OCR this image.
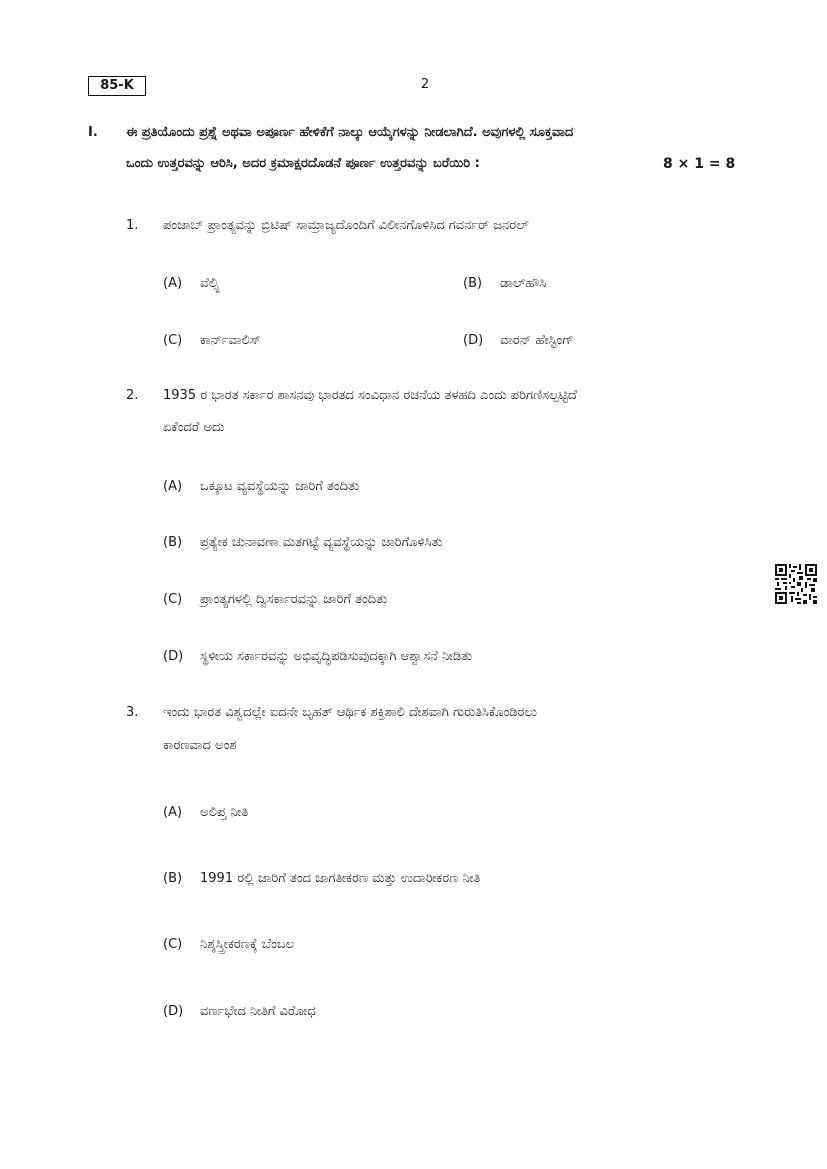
85-K	2
I. ಈ ಪ್ರತಿಯೊಂದು ಪ್ರಶ್ನೆ ಅಥವಾ ಅಪೂರ್ಣ ಹೇಳಿಕೆಗೆ ನಾಲ್ಕು ಆಯ್ಕೆಗಳನ್ನು ನೀಡಲಾಗಿದೆ. ಅವುಗಳಲ್ಲಿ ಸೂಕ್ತವಾದ
ಒಂದು ಉತ್ತರವನ್ನು ಆರಿಸಿ, ಅದರ ಕ್ರಮಾಕ್ಷರದೊಡನೆ ಪೂರ್ಣ ಉತ್ತರವನ್ನು ಬರೆಯಿರಿ :	8 × 1 = 8
1. ಪಂಜಾಬ್ ಪ್ರಾಂತ್ಯವನ್ನು ಬ್ರಿಟಿಷ್ ಸಾಮ್ರಾಜ್ಯದೊಂದಿಗೆ ವಿಲೀನಗೊಳಿಸಿದ ಗವರ್ನರ್ ಜನರಲ್
(A) ವೆಲ್ಸ್ಲಿ	(B) ಡಾಲ್‌ಹೌಸಿ
(C) ಕಾರ್ನ್‌ವಾಲಿಸ್	(D) ವಾರನ್ ಹೇಸ್ಟಿಂಗ್
2. 1935 ರ ಭಾರತ ಸರ್ಕಾರ ಶಾಸನವು ಭಾರತದ ಸಂವಿಧಾನ ರಚನೆಯ ತಳಹದಿ ಎಂದು ಪರಿಗಣಿಸಲ್ಪಟ್ಟಿದೆ
ಏಕೆಂದರೆ ಅದು
(A) ಒಕ್ಕೂಟ ವ್ಯವಸ್ಥೆಯನ್ನು ಜಾರಿಗೆ ತಂದಿತು
(B) ಪ್ರತ್ಯೇಕ ಚುನಾವಣಾ ಮತಗಟ್ಟೆ ವ್ಯವಸ್ಥೆಯನ್ನು ಜಾರಿಗೊಳಿಸಿತು
(C) ಪ್ರಾಂತ್ಯಗಳಲ್ಲಿ ದ್ವಿಸರ್ಕಾರವನ್ನು ಜಾರಿಗೆ ತಂದಿತು
(D) ಸ್ಥಳೀಯ ಸರ್ಕಾರವನ್ನು ಅಭಿವೃದ್ಧಿಪಡಿಸುವುದಕ್ಕಾಗಿ ಆಶ್ವಾಸನೆ ನೀಡಿತು
3. ಇಂದು ಭಾರತ ವಿಶ್ವದಲ್ಲೇ ಐದನೇ ಬೃಹತ್ ಆರ್ಥಿಕ ಶಕ್ತಿಶಾಲಿ ದೇಶವಾಗಿ ಗುರುತಿಸಿಕೊಂಡಿರಲು
ಕಾರಣವಾದ ಅಂಶ
(A) ಅಲಿಪ್ತ ನೀತಿ
(B) 1991 ರಲ್ಲಿ ಜಾರಿಗೆ ತಂದ ಜಾಗತೀಕರಣ ಮತ್ತು ಉದಾರೀಕರಣ ನೀತಿ
(C) ನಿಶ್ಶಸ್ತ್ರೀಕರಣಕ್ಕೆ ಬೆಂಬಲ
(D) ವರ್ಣಭೇದ ನೀತಿಗೆ ವಿರೋಧ
